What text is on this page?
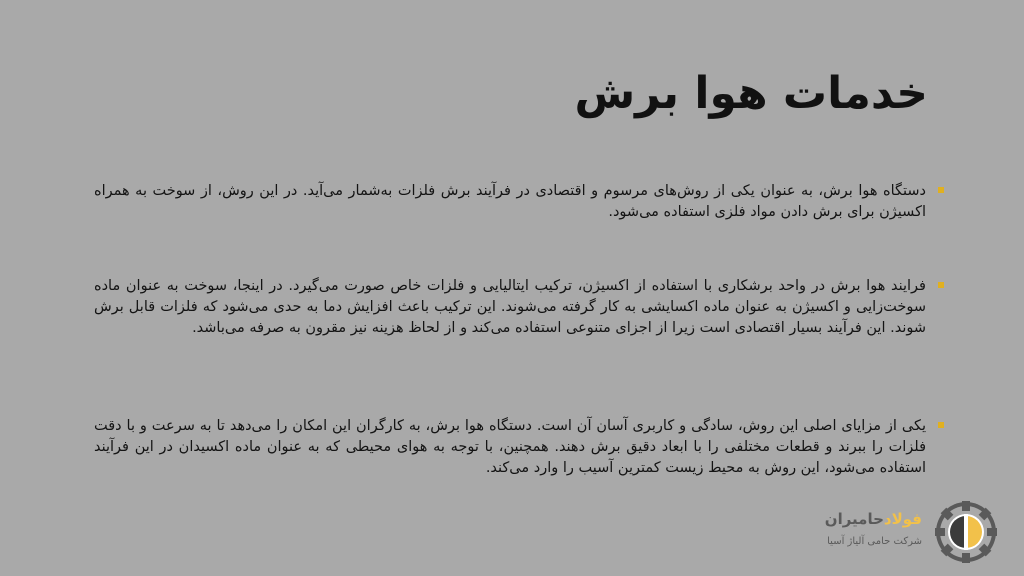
خدمات هوا برش
دستگاه هوا برش، به عنوان یکی از روش‌های مرسوم و اقتصادی در فرآیند برش فلزات به‌شمار می‌آید. در این روش، از سوخت به همراه اکسیژن برای برش دادن مواد فلزی استفاده می‌شود.
فرایند هوا برش در واحد برشکاری با استفاده از اکسیژن، ترکیب ایتالیایی و فلزات خاص صورت می‌گیرد. در اینجا، سوخت به عنوان ماده سوخت‌زایی و اکسیژن به عنوان ماده اکسایشی به کار گرفته می‌شوند. این ترکیب باعث افزایش دما به حدی می‌شود که فلزات قابل برش شوند. این فرآیند بسیار اقتصادی است زیرا از اجزای متنوعی استفاده می‌کند و از لحاظ هزینه نیز مقرون به صرفه می‌باشد.
یکی از مزایای اصلی این روش، سادگی و کاربری آسان آن است. دستگاه هوا برش، به کارگران این امکان را می‌دهد تا به سرعت و با دقت فلزات را ببرند و قطعات مختلفی را با ابعاد دقیق برش دهند. همچنین، با توجه به هوای محیطی که به عنوان ماده اکسیدان در این فرآیند استفاده می‌شود، این روش به محیط زیست کمترین آسیب را وارد می‌کند.
فولادحامیران
شرکت حامی آلیاژ آسیا
